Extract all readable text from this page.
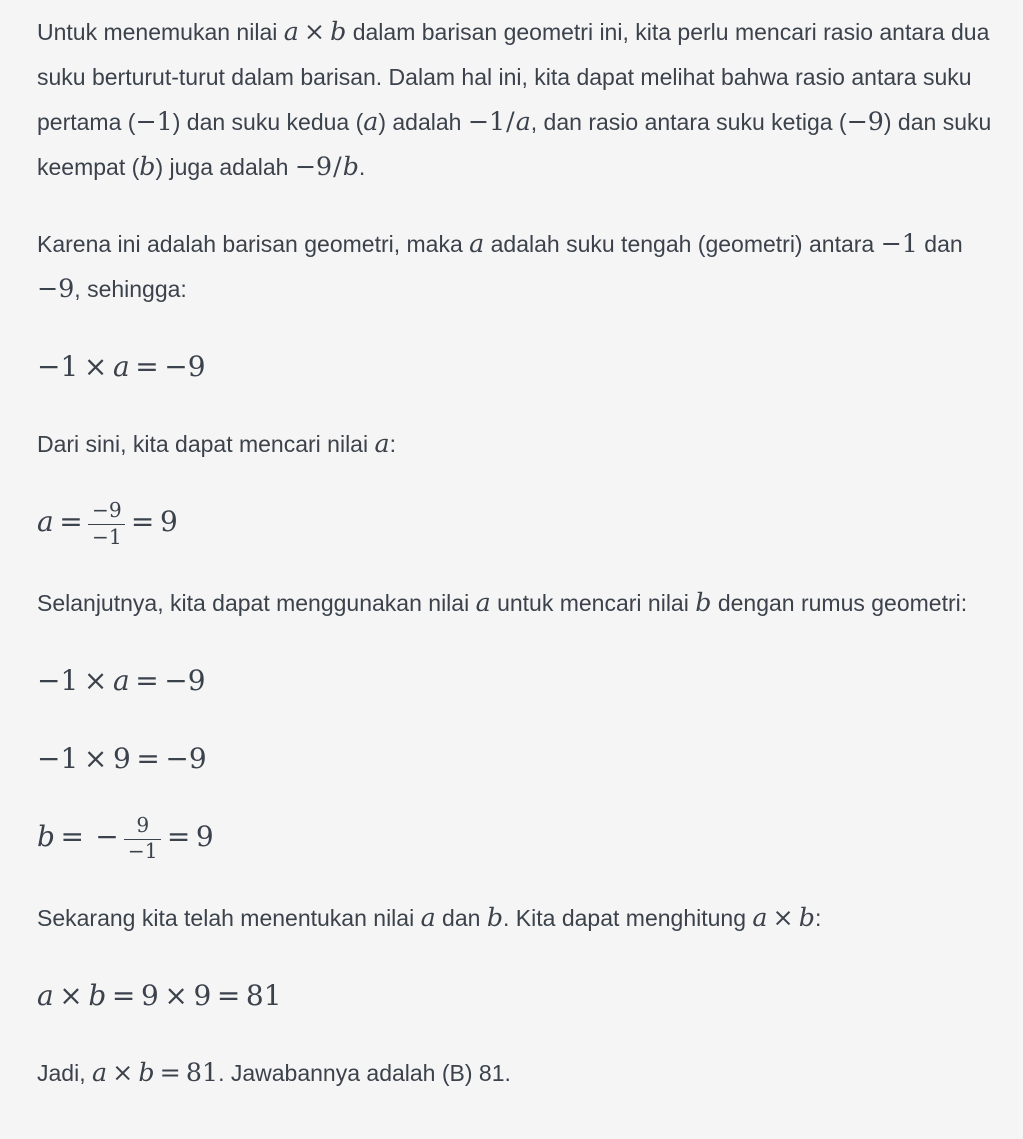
Untuk menemukan nilai a × b dalam barisan geometri ini, kita perlu mencari rasio antara dua suku berturut-turut dalam barisan. Dalam hal ini, kita dapat melihat bahwa rasio antara suku pertama (−1) dan suku kedua (a) adalah −1/a, dan rasio antara suku ketiga (−9) dan suku keempat (b) juga adalah −9/b.

Karena ini adalah barisan geometri, maka a adalah suku tengah (geometri) antara −1 dan −9, sehingga:

−1 × a = −9

Dari sini, kita dapat mencari nilai a:

$a = \frac{-9}{-1} = 9$

Selanjutnya, kita dapat menggunakan nilai a untuk mencari nilai b dengan rumus geometri:

−1 × a = −9
−1 × 9 = −9
b = − $\frac{9}{-1} = 9$

Sekarang kita telah menentukan nilai a dan b. Kita dapat menghitung a × b:

a × b = 9 × 9 = 81

Jadi, a × b = 81. Jawabannya adalah (B) 81.
